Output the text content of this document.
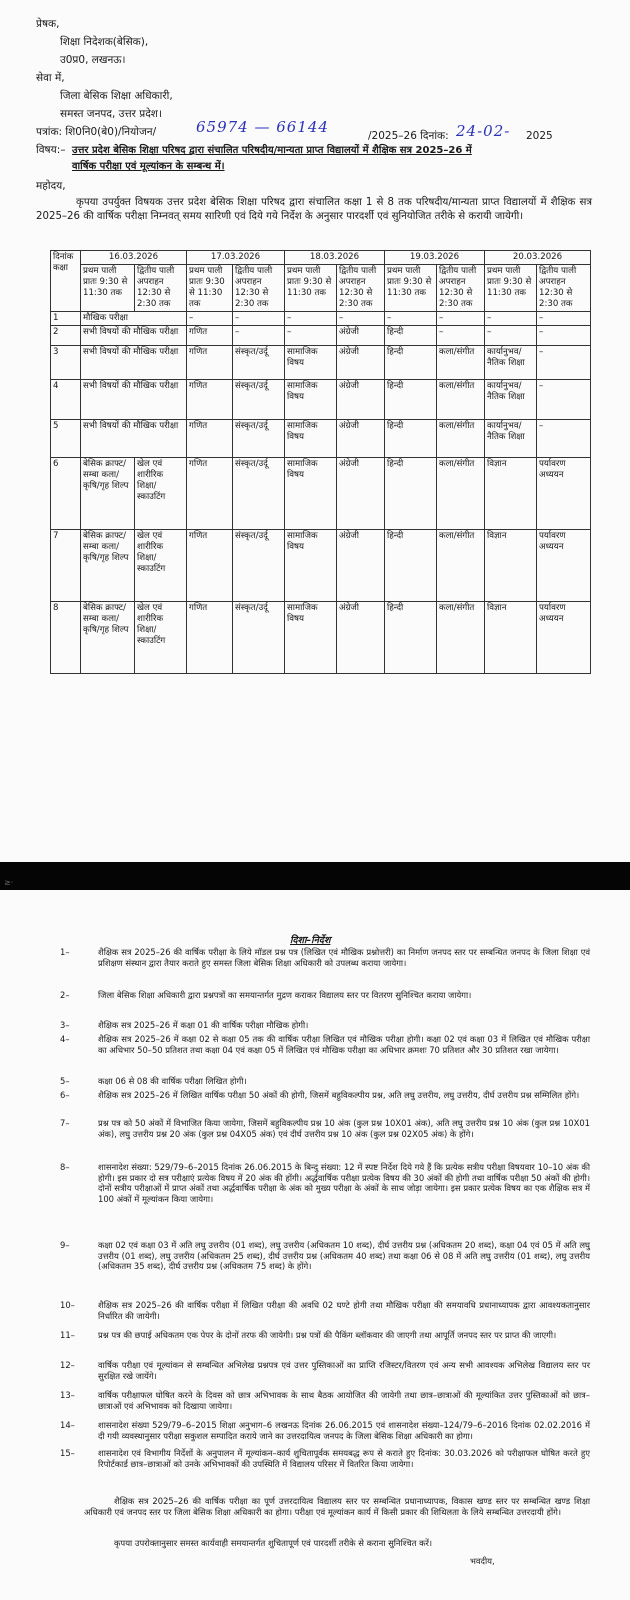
प्रेषक,
शिक्षा निदेशक(बेसिक),
उ0प्र0, लखनऊ।
सेवा में,
जिला बेसिक शिक्षा अधिकारी,
समस्त जनपद, उत्तर प्रदेश।
पत्रांक: शि0नि0(बे0)/नियोजन/	65974 — 66144	/2025–26 दिनांक: 24-02- 2025
विषय:– उत्तर प्रदेश बेसिक शिक्षा परिषद द्वारा संचालित परिषदीय/मान्यता प्राप्त विद्यालयों में शैक्षिक सत्र 2025–26 में
वार्षिक परीक्षा एवं मूल्यांकन के सम्बन्ध में।
महोदय,
कृपया उपर्युक्त विषयक उत्तर प्रदेश बेसिक शिक्षा परिषद द्वारा संचालित कक्षा 1 से 8 तक परिषदीय/मान्यता प्राप्त विद्यालयों में शैक्षिक सत्र 2025–26 की वार्षिक परीक्षा निम्नवत् समय सारिणी एवं दिये गये निर्देश के अनुसार पारदर्शी एवं सुनियोजित तरीके से करायी जायेगी।
दिनांक
कक्षा	16.03.2026		17.03.2026		18.03.2026		19.03.2026		20.03.2026	
	प्रथम पाली प्रातः 9:30 से 11:30 तक	द्वितीय पाली अपराहन 12:30 से 2:30 तक	प्रथम पाली प्रातः 9:30 से 11:30 तक	द्वितीय पाली अपराहन 12:30 से 2:30 तक	प्रथम पाली प्रातः 9:30 से 11:30 तक	द्वितीय पाली अपराहन 12:30 से 2:30 तक	प्रथम पाली प्रातः 9:30 से 11:30 तक	द्वितीय पाली अपराहन 12:30 से 2:30 तक	प्रथम पाली प्रातः 9:30 से 11:30 तक	द्वितीय पाली अपराहन 12:30 से 2:30 तक
1	मौखिक परीक्षा		–	–	–	–	–	–	–	–
2	सभी विषयों की मौखिक परीक्षा		गणित	–	–	अंग्रेजी	हिन्दी	–	–	–
3	सभी विषयों की मौखिक परीक्षा		गणित	संस्कृत/उर्दू	सामाजिक विषय	अंग्रेजी	हिन्दी	कला/संगीत	कार्यानुभव/नैतिक शिक्षा	–
4	सभी विषयों की मौखिक परीक्षा		गणित	संस्कृत/उर्दू	सामाजिक विषय	अंग्रेजी	हिन्दी	कला/संगीत	कार्यानुभव/नैतिक शिक्षा	–
5	सभी विषयों की मौखिक परीक्षा		गणित	संस्कृत/उर्दू	सामाजिक विषय	अंग्रेजी	हिन्दी	कला/संगीत	कार्यानुभव/नैतिक शिक्षा	–
6	बेसिक क्राफ्ट/सम्बा कला/कृषि/गृह शिल्प	खेल एवं शारीरिक शिक्षा/स्काउटिंग	गणित	संस्कृत/उर्दू	सामाजिक विषय	अंग्रेजी	हिन्दी	कला/संगीत	विज्ञान	पर्यावरण अध्ययन
7	बेसिक क्राफ्ट/सम्बा कला/कृषि/गृह शिल्प	खेल एवं शारीरिक शिक्षा/स्काउटिंग	गणित	संस्कृत/उर्दू	सामाजिक विषय	अंग्रेजी	हिन्दी	कला/संगीत	विज्ञान	पर्यावरण अध्ययन
8	बेसिक क्राफ्ट/सम्बा कला/कृषि/गृह शिल्प	खेल एवं शारीरिक शिक्षा/स्काउटिंग	गणित	संस्कृत/उर्दू	सामाजिक विषय	अंग्रेजी	हिन्दी	कला/संगीत	विज्ञान	पर्यावरण अध्ययन
≥·
दिशा–निर्देश
1–	शैक्षिक सत्र 2025–26 की वार्षिक परीक्षा के लिये मॉडल प्रश्न पत्र (लिखित एवं मौखिक प्रश्नोत्तरी) का निर्माण जनपद स्तर पर सम्बन्धित जनपद के जिला शिक्षा एवं प्रशिक्षण संस्थान द्वारा तैयार कराते हुए समस्त जिला बेसिक शिक्षा अधिकारी को उपलब्ध कराया जायेगा।
2–	जिला बेसिक शिक्षा अधिकारी द्वारा प्रश्नपत्रों का समयान्तर्गत मुद्रण कराकर विद्यालय स्तर पर वितरण सुनिश्चित कराया जायेगा।
3–	शैक्षिक सत्र 2025–26 में कक्षा 01 की वार्षिक परीक्षा मौखिक होगी।
4–	शैक्षिक सत्र 2025–26 में कक्षा 02 से कक्षा 05 तक की वार्षिक परीक्षा लिखित एवं मौखिक परीक्षा होगी। कक्षा 02 एवं कक्षा 03 में लिखित एवं मौखिक परीक्षा का अधिभार 50–50 प्रतिशत तथा कक्षा 04 एवं कक्षा 05 में लिखित एवं मौखिक परीक्षा का अधिभार क्रमशः 70 प्रतिशत और 30 प्रतिशत रखा जायेगा।
5–	कक्षा 06 से 08 की वार्षिक परीक्षा लिखित होगी।
6–	शैक्षिक सत्र 2025–26 में लिखित वार्षिक परीक्षा 50 अंकों की होगी, जिसमें बहुविकल्पीय प्रश्न, अति लघु उत्तरीय, लघु उत्तरीय, दीर्घ उत्तरीय प्रश्न सम्मिलित होंगे।
7–	प्रश्न पत्र को 50 अंकों में विभाजित किया जायेगा, जिसमें बहुविकल्पीय प्रश्न 10 अंक (कुल प्रश्न 10X01 अंक), अति लघु उत्तरीय प्रश्न 10 अंक (कुल प्रश्न 10X01 अंक), लघु उत्तरीय प्रश्न 20 अंक (कुल प्रश्न 04X05 अंक) एवं दीर्घ उत्तरीय प्रश्न 10 अंक (कुल प्रश्न 02X05 अंक) के होंगे।
8–	शासनादेश संख्या: 529/79–6–2015 दिनांक 26.06.2015 के बिन्दु संख्या: 12 में स्पष्ट निर्देश दिये गये हैं कि प्रत्येक सत्रीय परीक्षा विषयवार 10–10 अंक की होगी। इस प्रकार दो सत्र परीक्षाएं प्रत्येक विषय में 20 अंक की होंगी। अर्द्धवार्षिक परीक्षा प्रत्येक विषय की 30 अंकों की होगी तथा वार्षिक परीक्षा 50 अंकों की होगी। दोनों सत्रीय परीक्षाओं में प्राप्त अंकों तथा अर्द्धवार्षिक परीक्षा के अंक को मुख्य परीक्षा के अंकों के साथ जोड़ा जायेगा। इस प्रकार प्रत्येक विषय का एक शैक्षिक सत्र में 100 अंकों में मूल्यांकन किया जायेगा।
9–	कक्षा 02 एवं कक्षा 03 में अति लघु उत्तरीय (01 शब्द), लघु उत्तरीय (अधिकतम 10 शब्द), दीर्घ उत्तरीय प्रश्न (अधिकतम 20 शब्द), कक्षा 04 एवं 05 में अति लघु उत्तरीय (01 शब्द), लघु उत्तरीय (अधिकतम 25 शब्द), दीर्घ उत्तरीय प्रश्न (अधिकतम 40 शब्द) तथा कक्षा 06 से 08 में अति लघु उत्तरीय (01 शब्द), लघु उत्तरीय (अधिकतम 35 शब्द), दीर्घ उत्तरीय प्रश्न (अधिकतम 75 शब्द) के होंगे।
10–	शैक्षिक सत्र 2025–26 की वार्षिक परीक्षा में लिखित परीक्षा की अवधि 02 घण्टे होगी तथा मौखिक परीक्षा की समयावधि प्रधानाध्यापक द्वारा आवश्यकतानुसार निर्धारित की जायेगी।
11–	प्रश्न पत्र की छपाई अधिकतम एक पेपर के दोनों तरफ की जायेगी। प्रश्न पत्रों की पैकिंग ब्लॉकवार की जाएगी तथा आपूर्ति जनपद स्तर पर प्राप्त की जाएगी।
12–	वार्षिक परीक्षा एवं मूल्यांकन से सम्बन्धित अभिलेख प्रश्नपत्र एवं उत्तर पुस्तिकाओं का प्राप्ति रजिस्टर/वितरण एवं अन्य सभी आवश्यक अभिलेख विद्यालय स्तर पर सुरक्षित रखे जायेंगे।
13–	वार्षिक परीक्षाफल घोषित करने के दिवस को छात्र अभिभावक के साथ बैठक आयोजित की जायेगी तथा छात्र–छात्राओं की मूल्यांकित उत्तर पुस्तिकाओं को छात्र–छात्राओं एवं अभिभावक को दिखाया जायेगा।
14–	शासनादेश संख्या 529/79–6–2015 शिक्षा अनुभाग–6 लखनऊ दिनांक 26.06.2015 एवं शासनादेश संख्या–124/79–6–2016 दिनांक 02.02.2016 में दी गयी व्यवस्थानुसार परीक्षा सकुशल सम्पादित कराये जाने का उत्तरदायित्व जनपद के जिला बेसिक शिक्षा अधिकारी का होगा।
15–	शासनादेश एवं विभागीय निर्देशों के अनुपालन में मूल्यांकन–कार्य शुचितापूर्वक समयबद्ध रूप से कराते हुए दिनांक: 30.03.2026 को परीक्षाफल घोषित करते हुए रिपोर्टकार्ड छात्र–छात्राओं को उनके अभिभावकों की उपस्थिति में विद्यालय परिसर में वितरित किया जायेगा।
शैक्षिक सत्र 2025–26 की वार्षिक परीक्षा का पूर्ण उत्तरदायित्व विद्यालय स्तर पर सम्बन्धित प्रधानाध्यापक, विकास खण्ड स्तर पर सम्बन्धित खण्ड शिक्षा अधिकारी एवं जनपद स्तर पर जिला बेसिक शिक्षा अधिकारी का होगा। परीक्षा एवं मूल्यांकन कार्य में किसी प्रकार की शिथिलता के लिये सम्बन्धित उत्तरदायी होंगे।
कृपया उपरोक्तानुसार समस्त कार्यवाही समयान्तर्गत शुचितापूर्ण एवं पारदर्शी तरीके से कराना सुनिश्चित करें।
भवदीय,
